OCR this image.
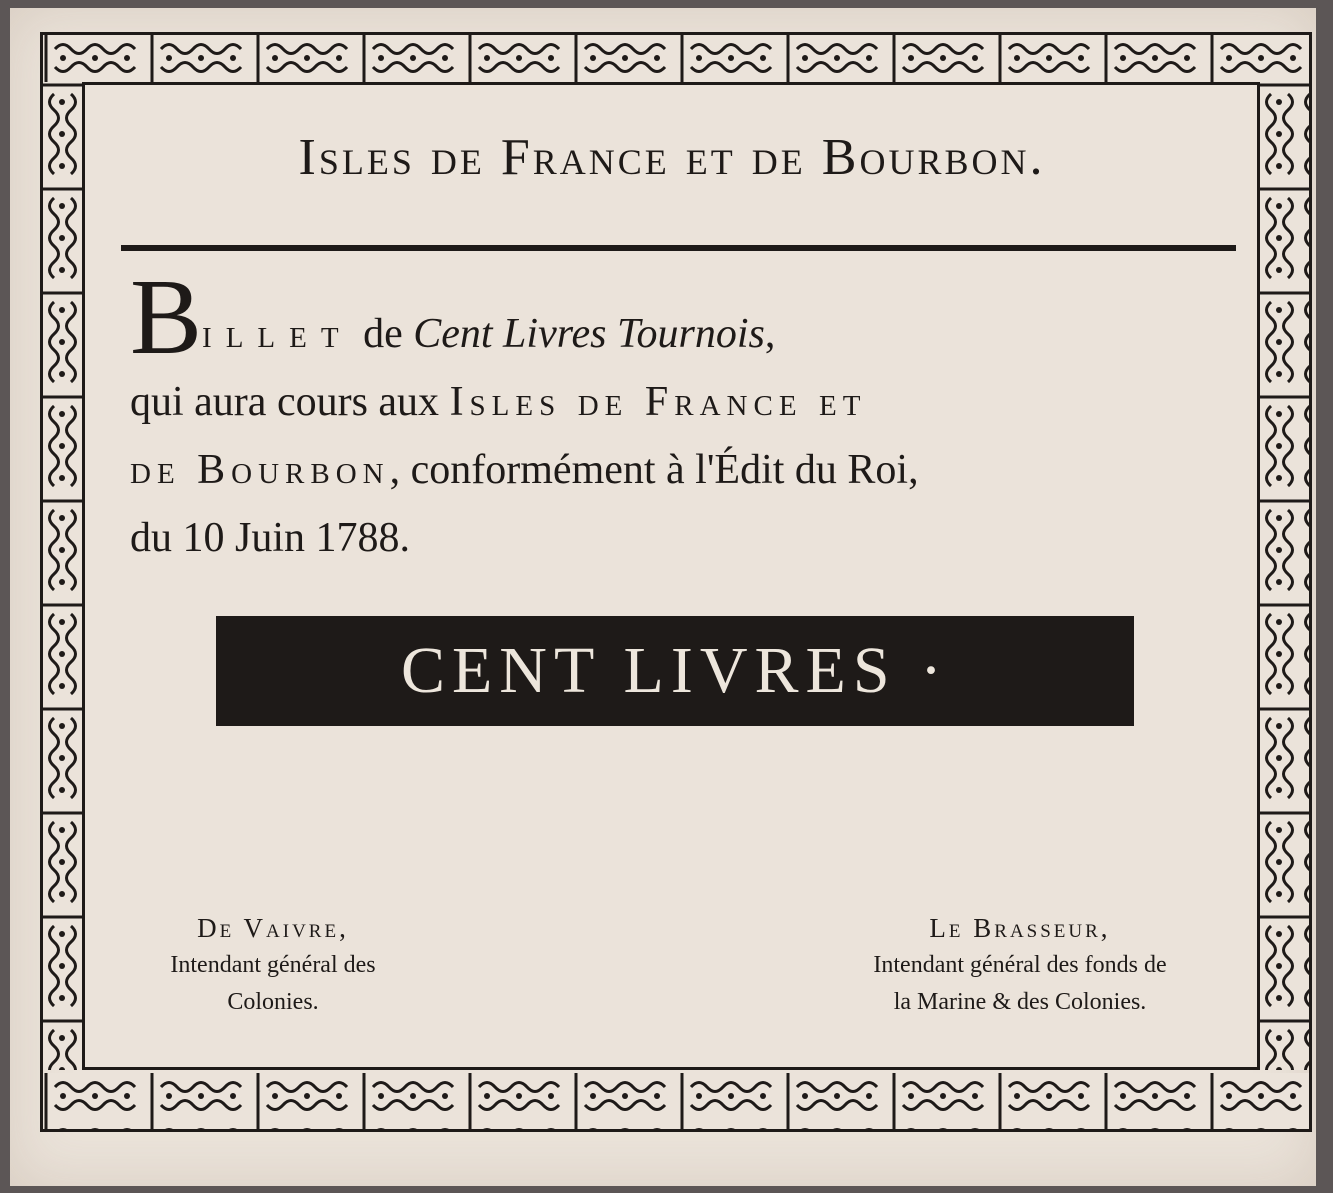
Isles de France et de Bourbon.
Billet de Cent Livres Tournois,
qui aura cours aux Isles de France et
de Bourbon, conformément à l'Édit du Roi,
du 10 Juin 1788.
CENT LIVRES ·
De Vaivre,
Intendant général des
Colonies.
Le Brasseur,
Intendant général des fonds de
la Marine & des Colonies.
